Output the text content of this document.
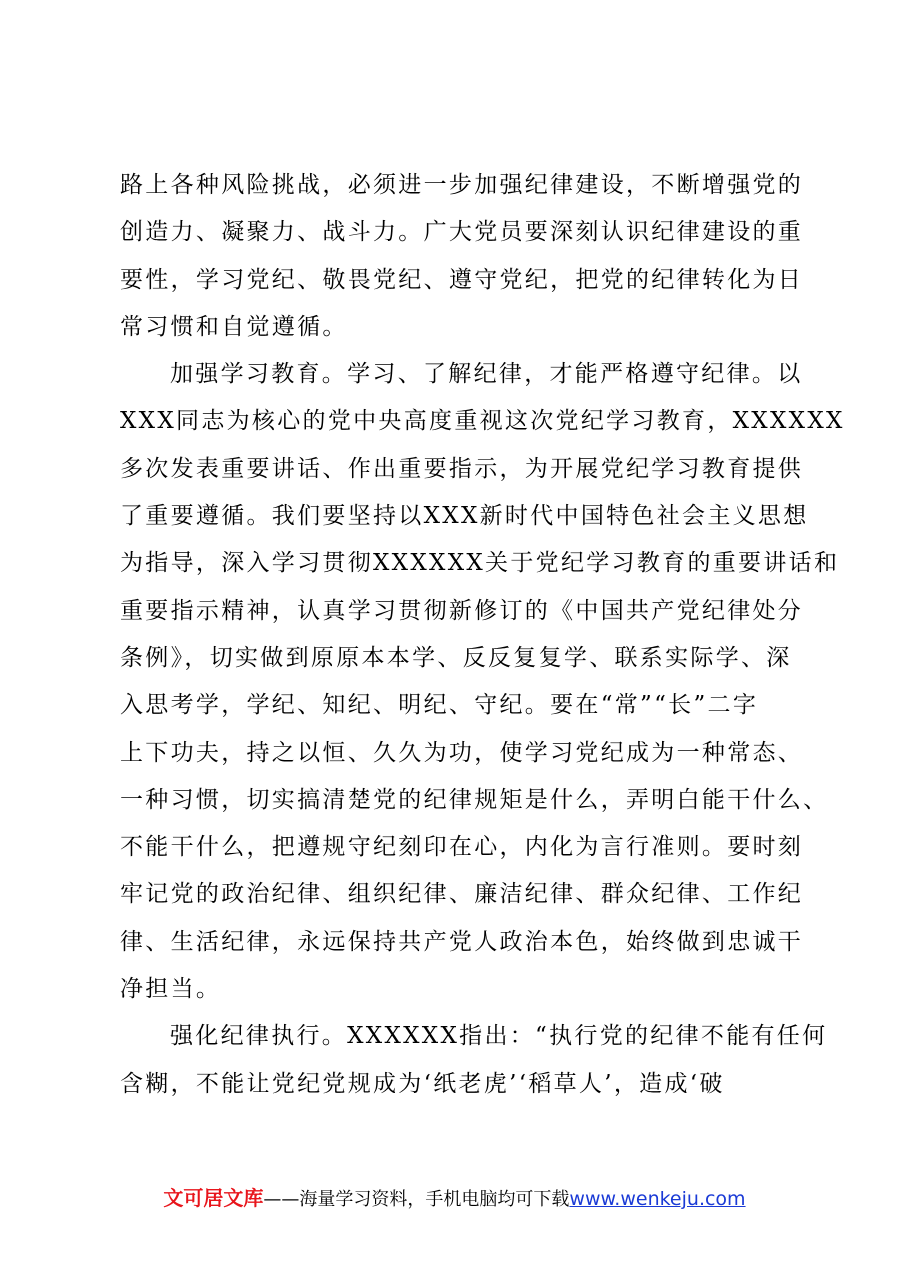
路上各种风险挑战，必须进一步加强纪律建设，不断增强党的
创造力、凝聚力、战斗力。广大党员要深刻认识纪律建设的重
要性，学习党纪、敬畏党纪、遵守党纪，把党的纪律转化为日
常习惯和自觉遵循。
加强学习教育。学习、了解纪律，才能严格遵守纪律。以
XXX同志为核心的党中央高度重视这次党纪学习教育，XXXXXX
多次发表重要讲话、作出重要指示，为开展党纪学习教育提供
了重要遵循。我们要坚持以XXX新时代中国特色社会主义思想
为指导，深入学习贯彻XXXXXX关于党纪学习教育的重要讲话和
重要指示精神，认真学习贯彻新修订的《中国共产党纪律处分
条例》，切实做到原原本本学、反反复复学、联系实际学、深
入思考学，学纪、知纪、明纪、守纪。要在“常”“长”二字
上下功夫，持之以恒、久久为功，使学习党纪成为一种常态、
一种习惯，切实搞清楚党的纪律规矩是什么，弄明白能干什么、
不能干什么，把遵规守纪刻印在心，内化为言行准则。要时刻
牢记党的政治纪律、组织纪律、廉洁纪律、群众纪律、工作纪
律、生活纪律，永远保持共产党人政治本色，始终做到忠诚干
净担当。
强化纪律执行。XXXXXX指出：“执行党的纪律不能有任何
含糊，不能让党纪党规成为‘纸老虎’‘稻草人’，造成‘破
文可居文库——海量学习资料，手机电脑均可下载www.wenkeju.com
